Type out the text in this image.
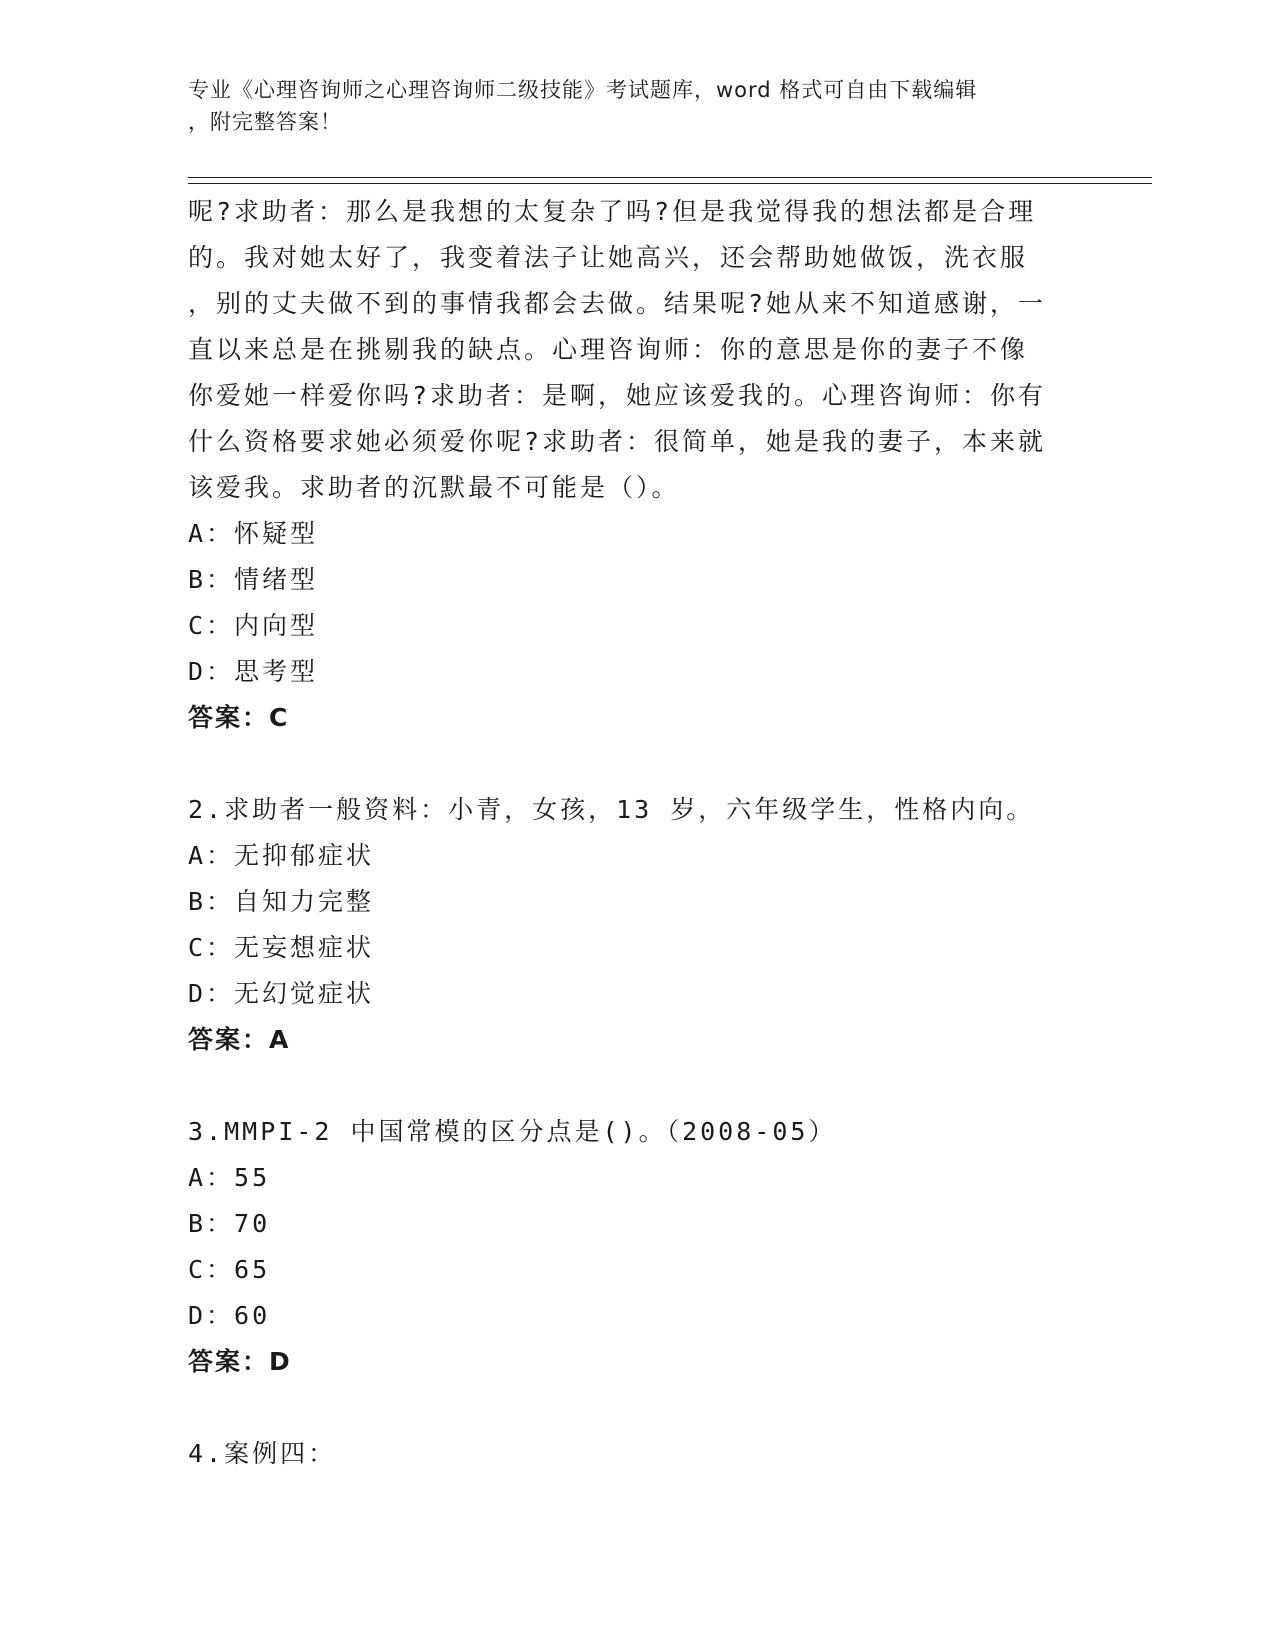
专业《心理咨询师之心理咨询师二级技能》考试题库，word 格式可自由下载编辑
，附完整答案！
呢?求助者：那么是我想的太复杂了吗?但是我觉得我的想法都是合理
的。我对她太好了，我变着法子让她高兴，还会帮助她做饭，洗衣服
，别的丈夫做不到的事情我都会去做。结果呢?她从来不知道感谢，一
直以来总是在挑剔我的缺点。心理咨询师：你的意思是你的妻子不像
你爱她一样爱你吗?求助者：是啊，她应该爱我的。心理咨询师：你有
什么资格要求她必须爱你呢?求助者：很简单，她是我的妻子，本来就
该爱我。求助者的沉默最不可能是（）。
A：怀疑型
B：情绪型
C：内向型
D：思考型
答案：C
2.求助者一般资料：小青，女孩，13 岁，六年级学生，性格内向。
A：无抑郁症状
B：自知力完整
C：无妄想症状
D：无幻觉症状
答案：A
3.MMPI-2 中国常模的区分点是()。（2008-05）
A：55
B：70
C：65
D：60
答案：D
4.案例四：
